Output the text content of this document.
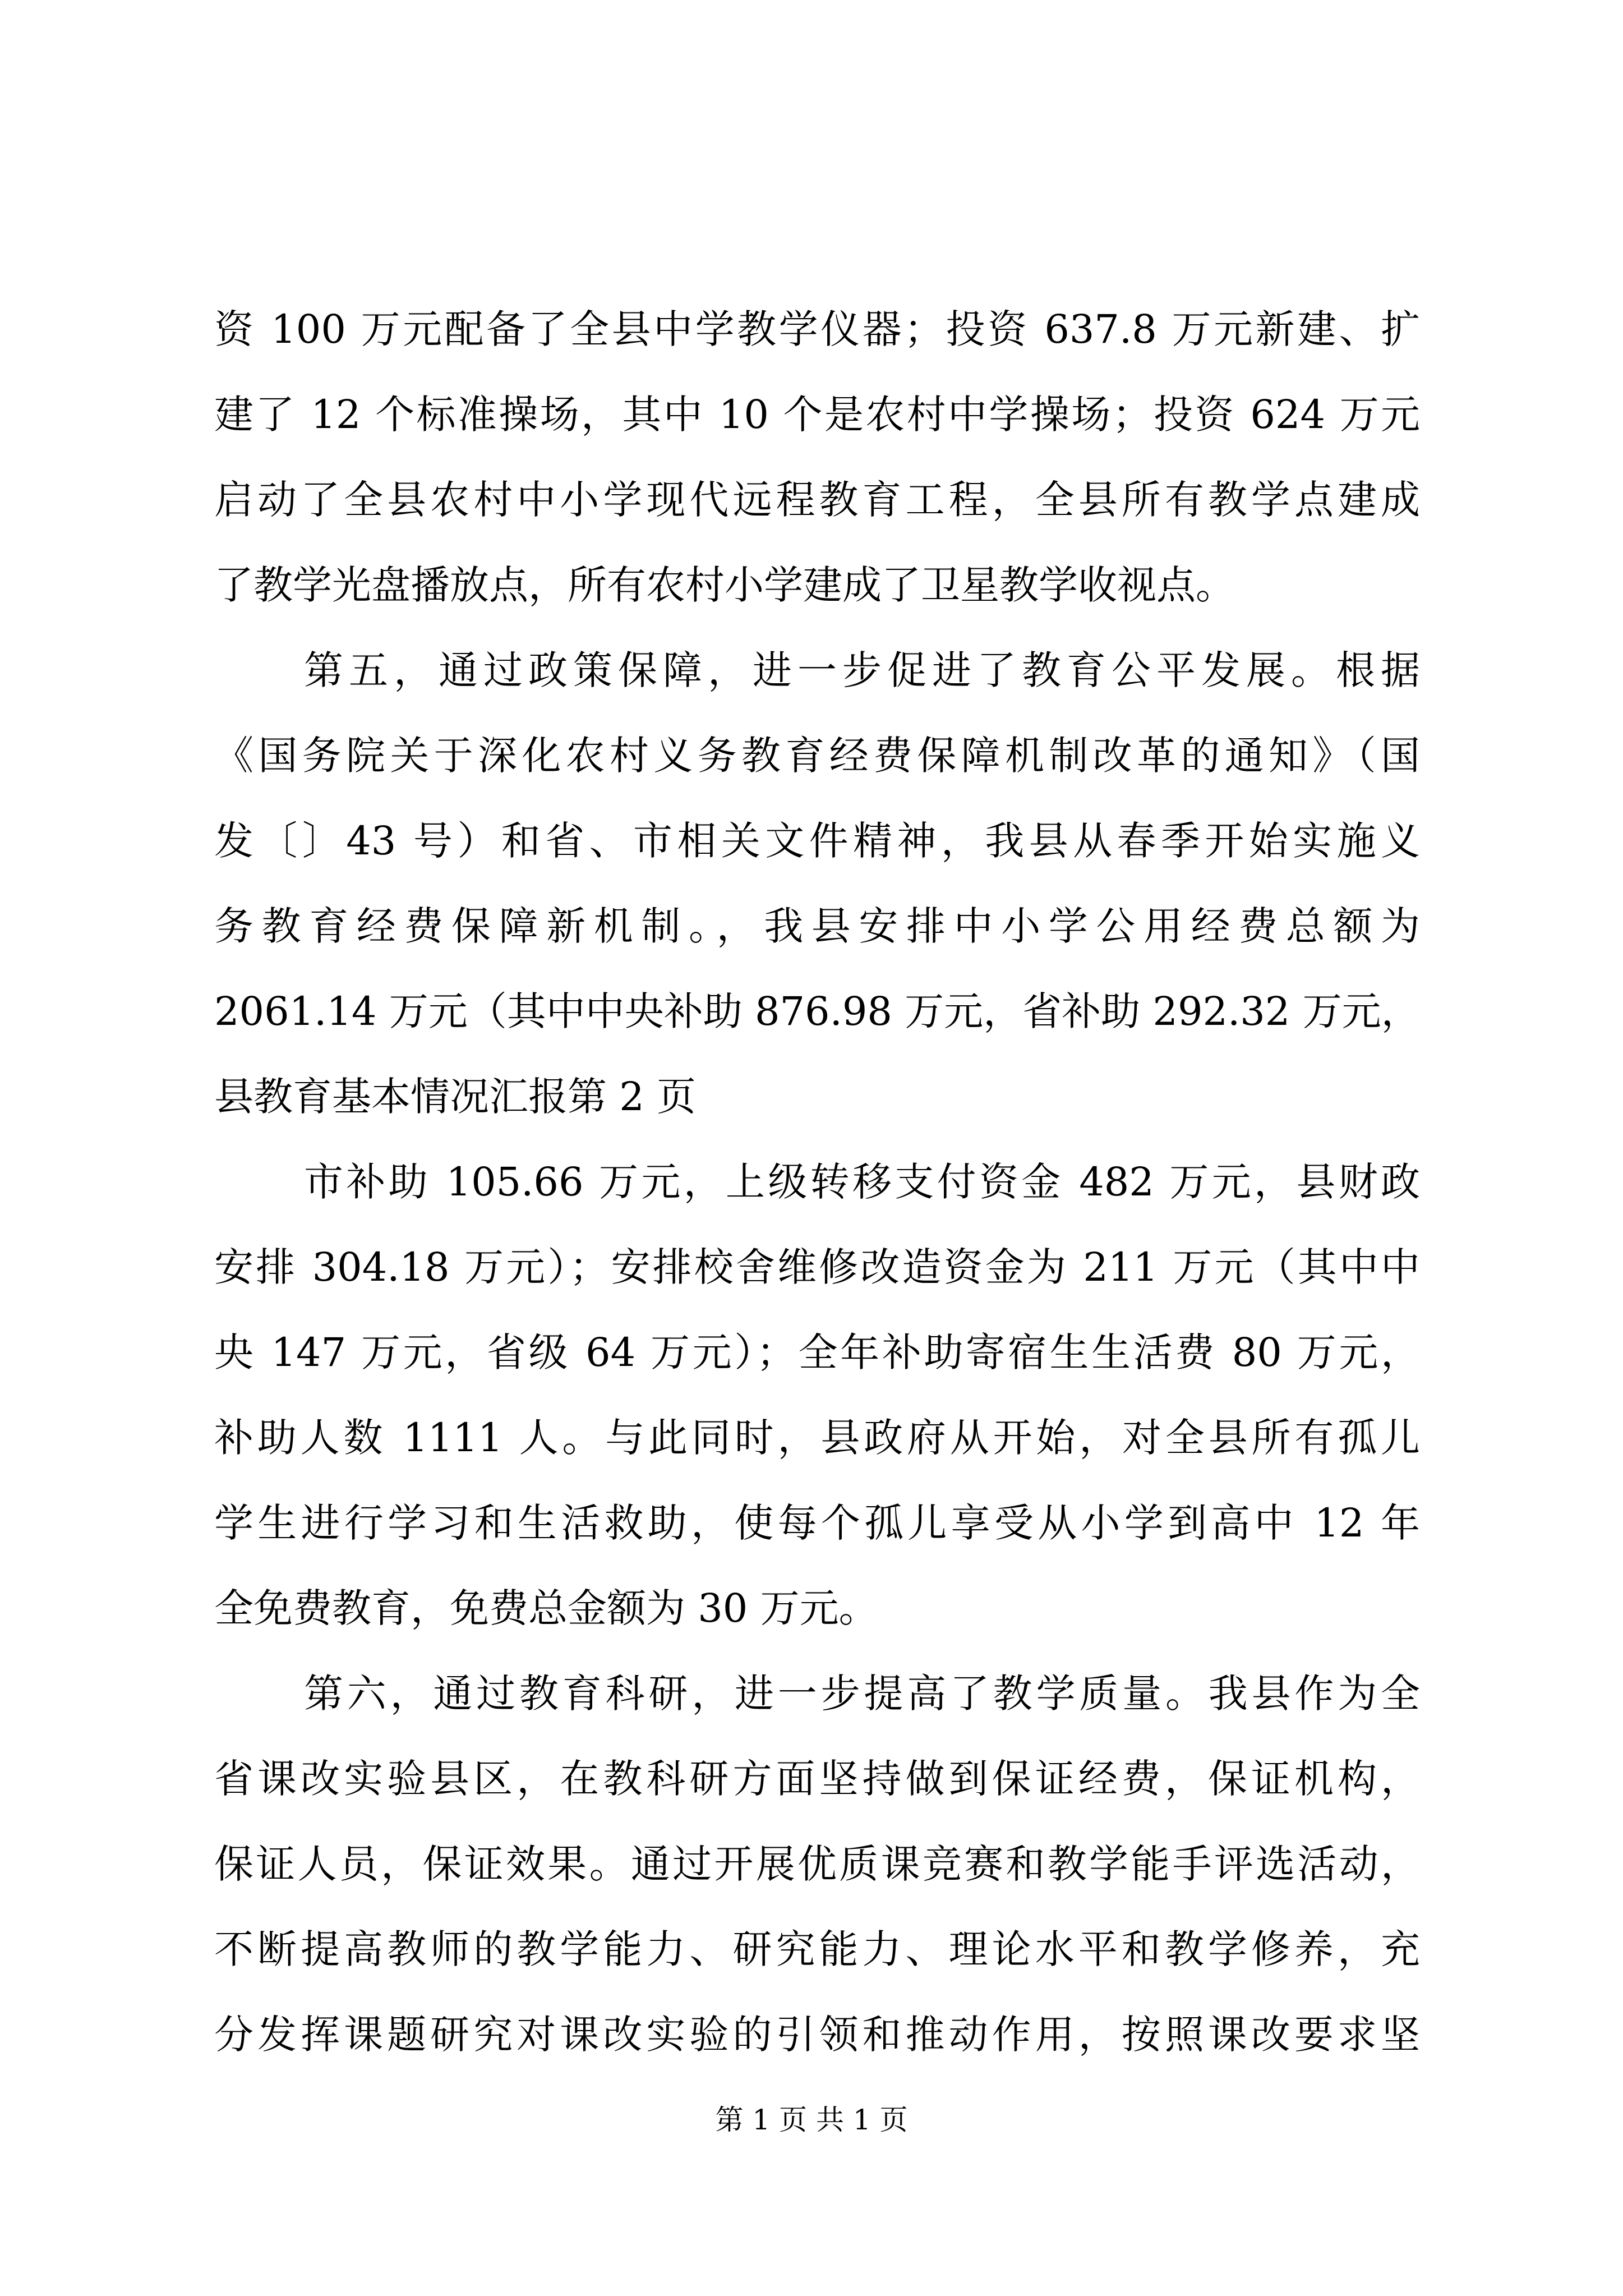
资 100 万元配备了全县中学教学仪器；投资 637.8 万元新建、扩
建了 12 个标准操场，其中 10 个是农村中学操场；投资 624 万元
启动了全县农村中小学现代远程教育工程，全县所有教学点建成
了教学光盘播放点，所有农村小学建成了卫星教学收视点。
第五，通过政策保障，进一步促进了教育公平发展。根据
《国务院关于深化农村义务教育经费保障机制改革的通知》（国
发〔〕43 号）和省、市相关文件精神，我县从春季开始实施义
务教育经费保障新机制。，我县安排中小学公用经费总额为
2061.14 万元（其中中央补助 876.98 万元，省补助 292.32 万元，
县教育基本情况汇报第 2 页
市补助 105.66 万元，上级转移支付资金 482 万元，县财政
安排 304.18 万元）；安排校舍维修改造资金为 211 万元（其中中
央 147 万元，省级 64 万元）；全年补助寄宿生生活费 80 万元，
补助人数 1111 人。与此同时，县政府从开始，对全县所有孤儿
学生进行学习和生活救助，使每个孤儿享受从小学到高中 12 年
全免费教育，免费总金额为 30 万元。
第六，通过教育科研，进一步提高了教学质量。我县作为全
省课改实验县区，在教科研方面坚持做到保证经费，保证机构，
保证人员，保证效果。通过开展优质课竞赛和教学能手评选活动，
不断提高教师的教学能力、研究能力、理论水平和教学修养，充
分发挥课题研究对课改实验的引领和推动作用，按照课改要求坚
第 1 页 共 1 页
